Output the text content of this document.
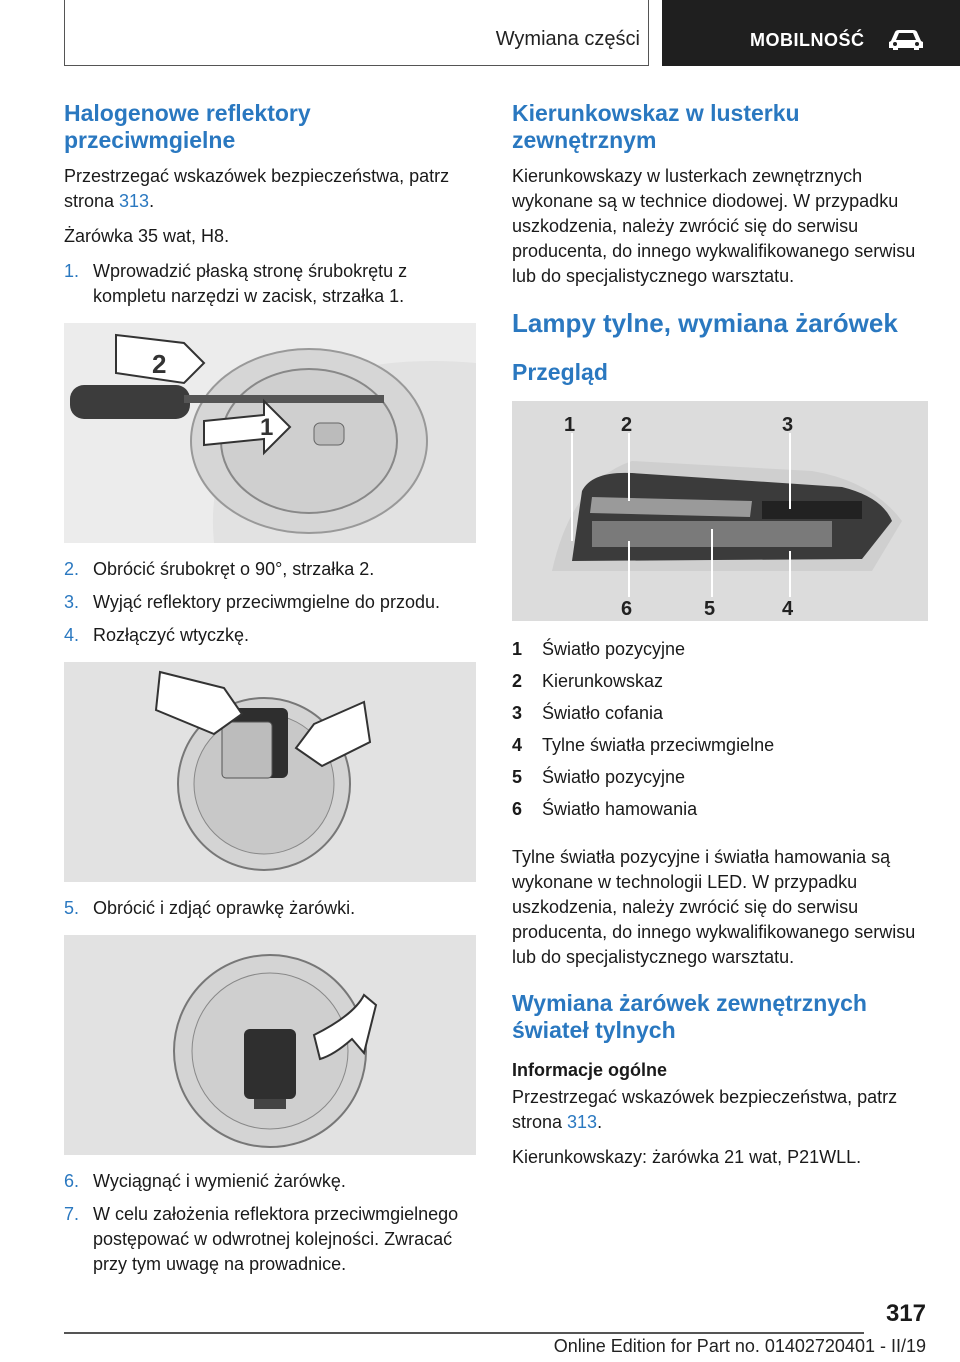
Wymiana części	MOBILNOŚĆ
Halogenowe reflektory przeciwmgielne

Przestrzegać wskazówek bezpieczeństwa, patrz strona 313.

Żarówka 35 wat, H8.

1. Wprowadzić płaską stronę śrubokrętu z kompletu narzędzi w zacisk, strzałka 1.
2
1
2. Obrócić śrubokręt o 90°, strzałka 2.
3. Wyjąć reflektory przeciwmgielne do przodu.
4. Rozłączyć wtyczkę.
5. Obrócić i zdjąć oprawkę żarówki.
6. Wyciągnąć i wymienić żarówkę.
7. W celu założenia reflektora przeciwmgielnego postępować w odwrotnej kolejności. Zwracać przy tym uwagę na prowadnice.
Kierunkowskaz w lusterku zewnętrznym

Kierunkowskazy w lusterkach zewnętrznych wykonane są w technice diodowej. W przypadku uszkodzenia, należy zwrócić się do serwisu producenta, do innego wykwalifikowanego serwisu lub do specjalistycznego warsztatu.

Lampy tylne, wymiana żarówek
Przegląd
1 2	3
6	5	4
1	Światło pozycyjne
2	Kierunkowskaz
3	Światło cofania
4	Tylne światła przeciwmgielne
5	Światło pozycyjne
6	Światło hamowania

Tylne światła pozycyjne i światła hamowania są wykonane w technologii LED. W przypadku uszkodzenia, należy zwrócić się do serwisu producenta, do innego wykwalifikowanego serwisu lub do specjalistycznego warsztatu.

Wymiana żarówek zewnętrznych świateł tylnych
Informacje ogólne

Przestrzegać wskazówek bezpieczeństwa, patrz strona 313.

Kierunkowskazy: żarówka 21 wat, P21WLL.

317
Online Edition for Part no. 01402720401 - II/19
